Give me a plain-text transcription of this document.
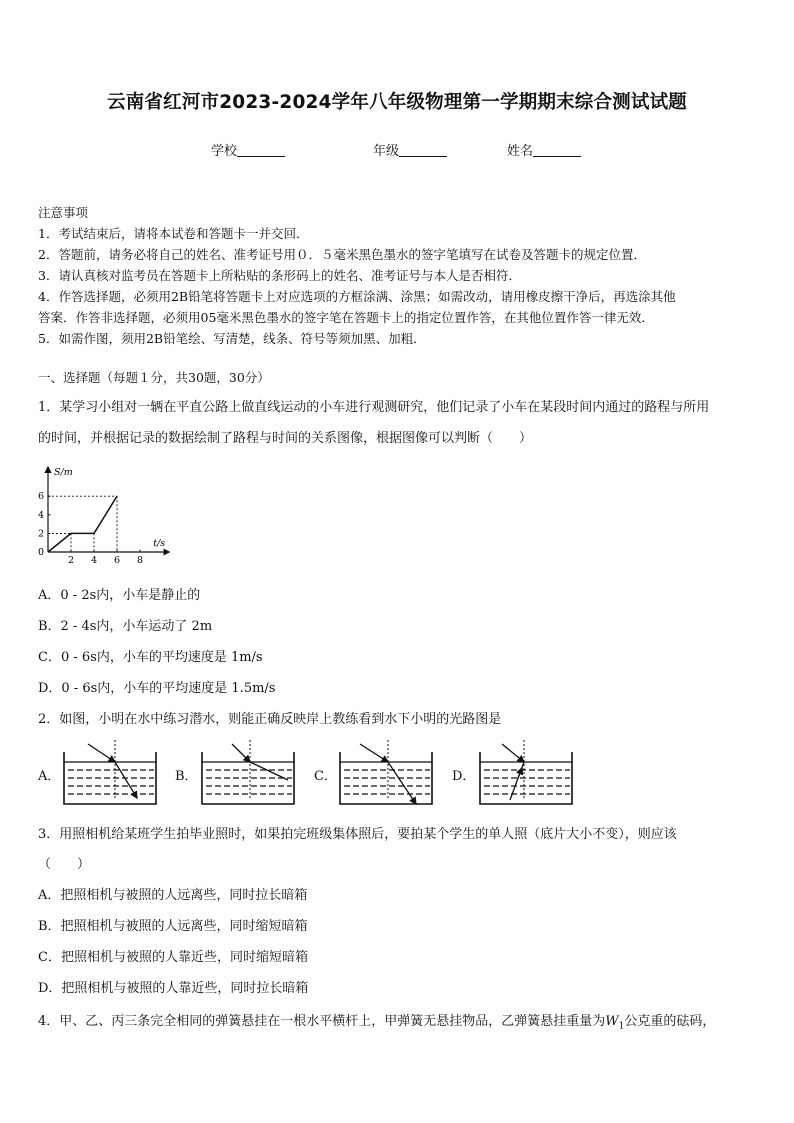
云南省红河市2023-2024学年八年级物理第一学期期末综合测试试题
学校	年级	姓名
注意事项
1．考试结束后，请将本试卷和答题卡一并交回．
2．答题前，请务必将自己的姓名、准考证号用０．５毫米黑色墨水的签字笔填写在试卷及答题卡的规定位置．
3．请认真核对监考员在答题卡上所粘贴的条形码上的姓名、准考证号与本人是否相符．
4．作答选择题，必须用2B铅笔将答题卡上对应选项的方框涂满、涂黑；如需改动，请用橡皮擦干净后，再选涂其他
答案．作答非选择题，必须用05毫米黑色墨水的签字笔在答题卡上的指定位置作答，在其他位置作答一律无效．
5．如需作图，须用2B铅笔绘、写清楚，线条、符号等须加黑、加粗．
一、选择题（每题１分，共30题，30分）
1．某学习小组对一辆在平直公路上做直线运动的小车进行观测研究，他们记录了小车在某段时间内通过的路程与所用
的时间，并根据记录的数据绘制了路程与时间的关系图像，根据图像可以判断（　　）
S/m
t/s
0
2 4 6 8
2
4
6
A．0 - 2s内，小车是静止的
B．2 - 4s内，小车运动了 2m
C．0 - 6s内，小车的平均速度是 1m/s
D．0 - 6s内，小车的平均速度是 1.5m/s
2．如图，小明在水中练习潜水，则能正确反映岸上教练看到水下小明的光路图是
A．	B．	C．	D．
3．用照相机给某班学生拍毕业照时，如果拍完班级集体照后，要拍某个学生的单人照（底片大小不变），则应该
（　　）
A．把照相机与被照的人远离些，同时拉长暗箱
B．把照相机与被照的人远离些，同时缩短暗箱
C．把照相机与被照的人靠近些，同时缩短暗箱
D．把照相机与被照的人靠近些，同时拉长暗箱
4．甲、乙、丙三条完全相同的弹簧悬挂在一根水平横杆上，甲弹簧无悬挂物品，乙弹簧悬挂重量为$W_1$公克重的砝码，
